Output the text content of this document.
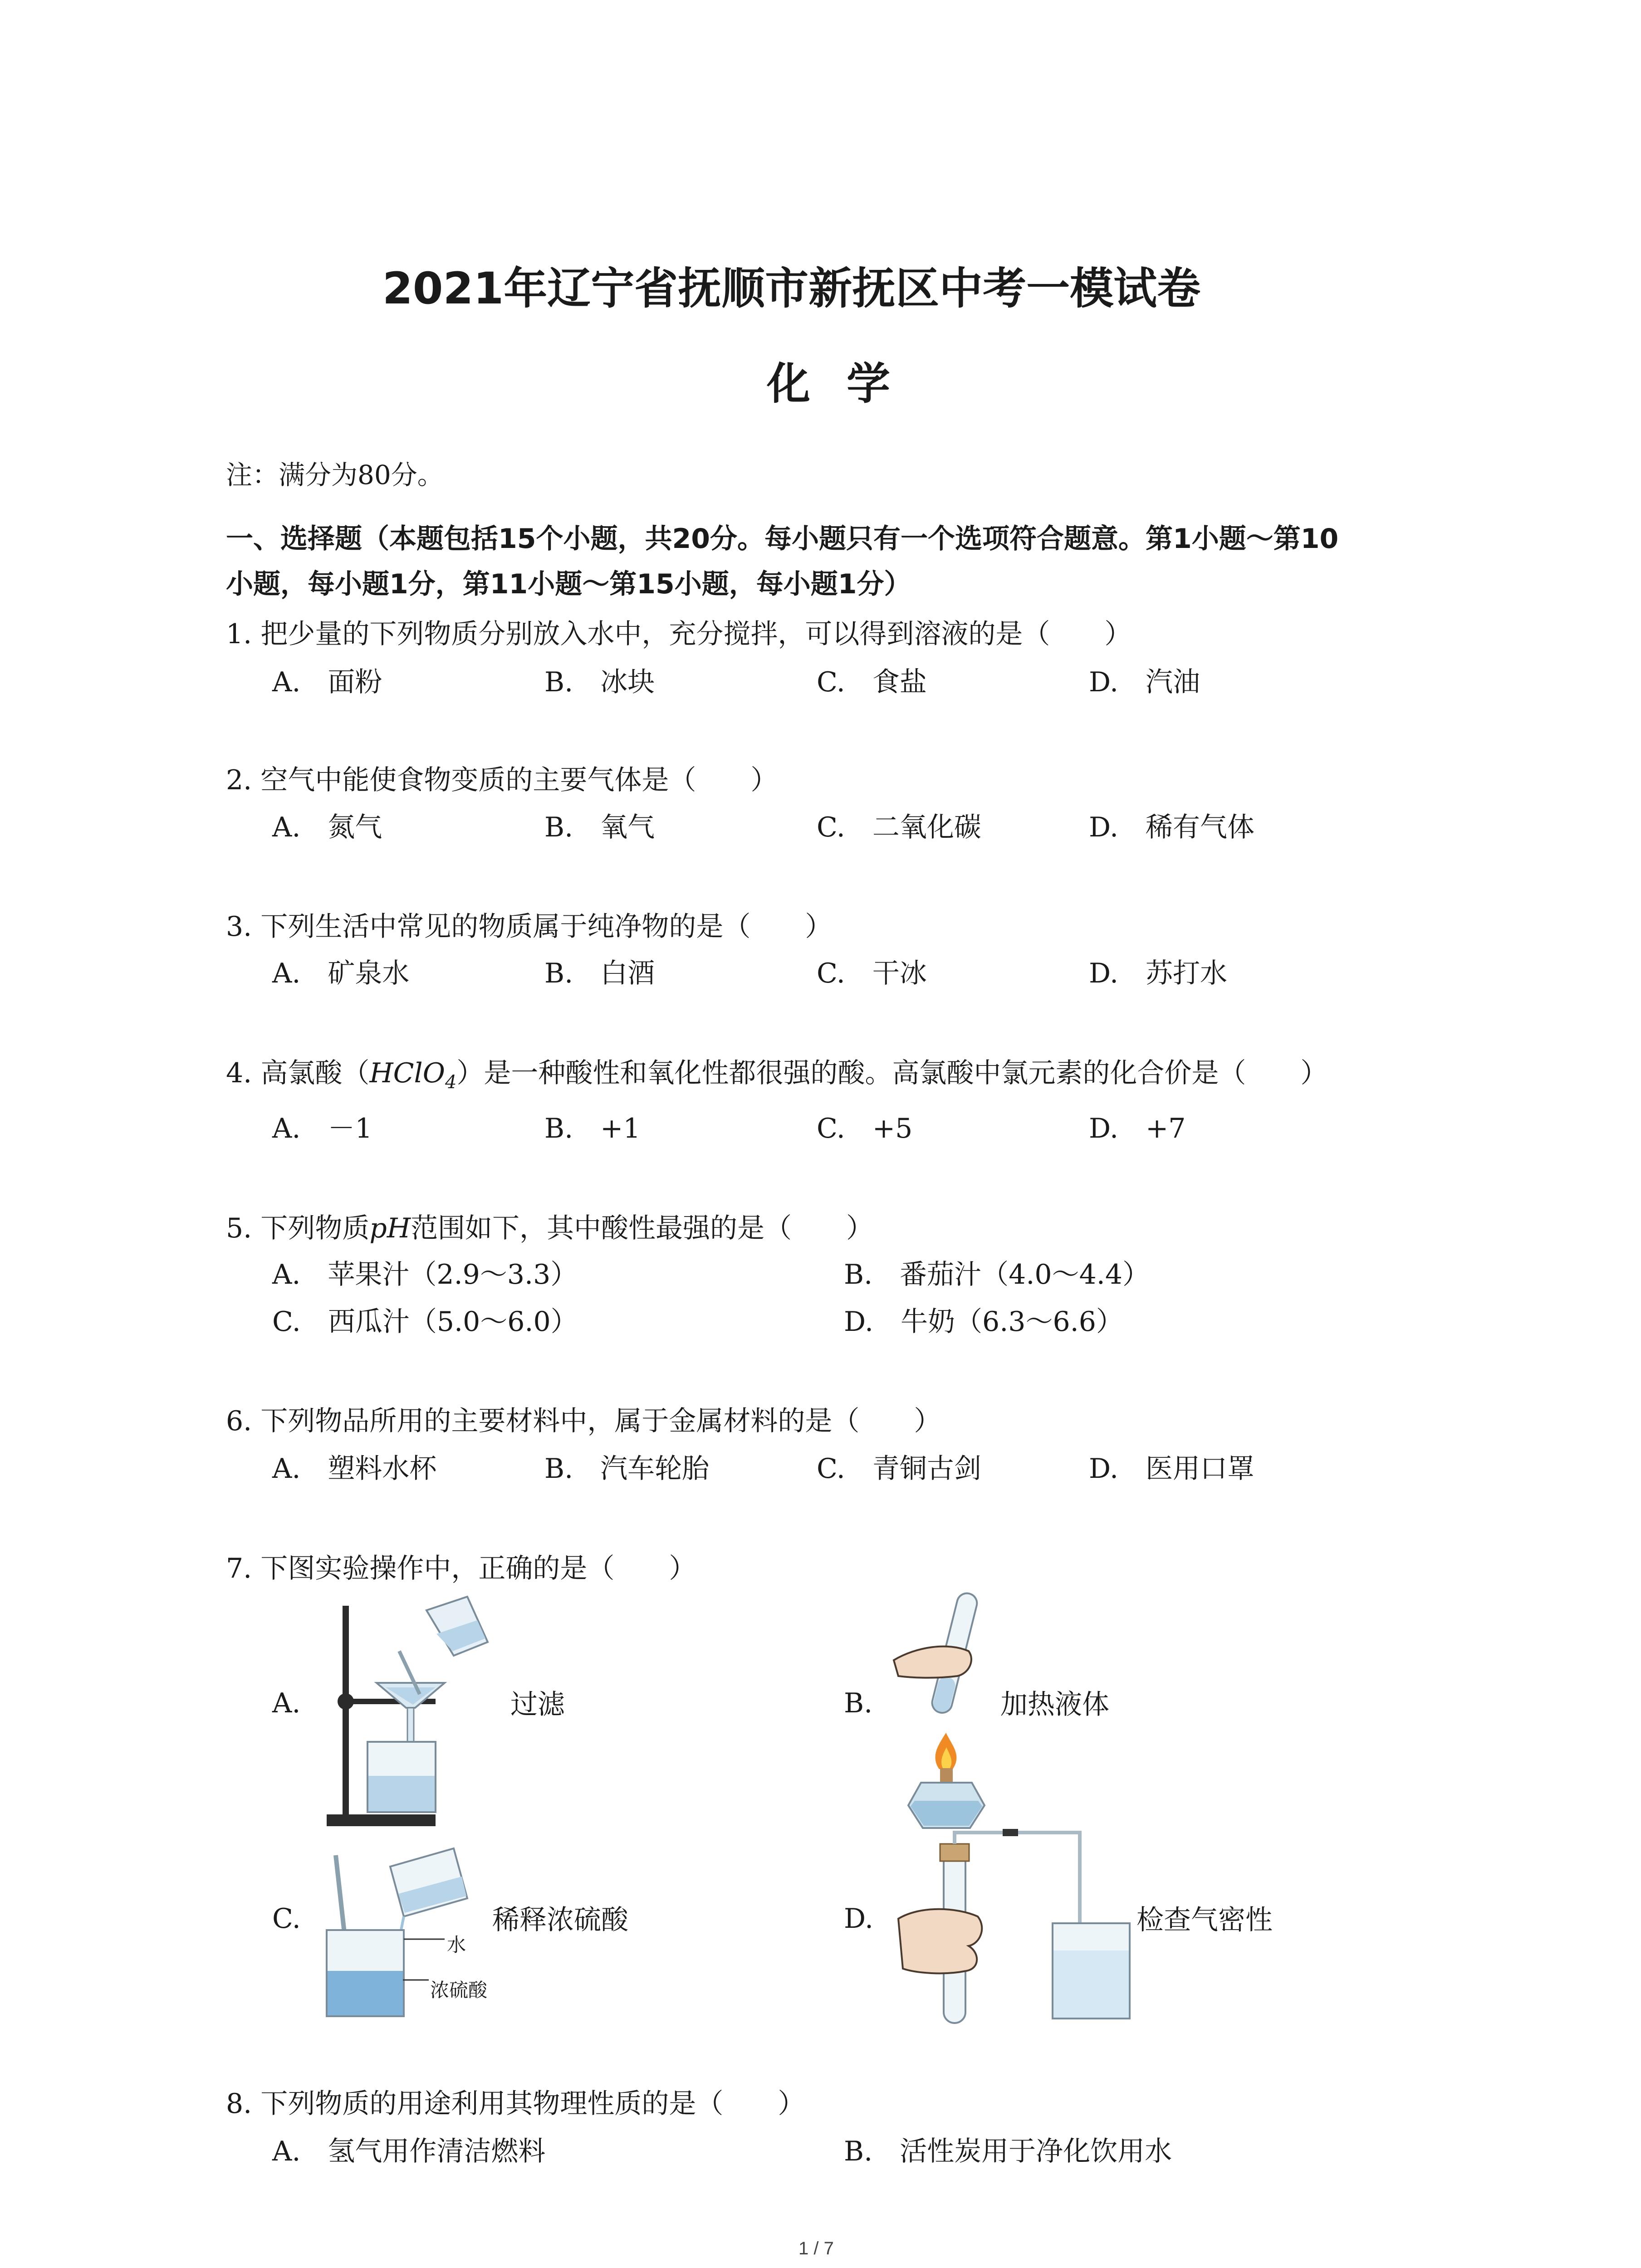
2021年辽宁省抚顺市新抚区中考一模试卷
化学
注：满分为80分。
一、选择题（本题包括15个小题，共20分。每小题只有一个选项符合题意。第1小题～第10
小题，每小题1分，第11小题～第15小题，每小题1分）
1. 把少量的下列物质分别放入水中，充分搅拌，可以得到溶液的是（　　）
A.　面粉	B.　冰块	C.　食盐	D.　汽油
2. 空气中能使食物变质的主要气体是（　　）
A.　氮气	B.　氧气	C.　二氧化碳	D.　稀有气体
3. 下列生活中常见的物质属于纯净物的是（　　）
A.　矿泉水	B.　白酒	C.　干冰	D.　苏打水
4. 高氯酸（HClO$_4$）是一种酸性和氧化性都很强的酸。高氯酸中氯元素的化合价是（　　）
A.　－1	B.　+1	C.　+5	D.　+7
5. 下列物质pH范围如下，其中酸性最强的是（　　）
A.　苹果汁（2.9～3.3）	B.　番茄汁（4.0～4.4）
C.　西瓜汁（5.0～6.0）	D.　牛奶（6.3～6.6）
6. 下列物品所用的主要材料中，属于金属材料的是（　　）
A.　塑料水杯	B.　汽车轮胎	C.　青铜古剑	D.　医用口罩
7. 下图实验操作中，正确的是（　　）
A.	过滤	B.	加热液体
C.	稀释浓硫酸
水
浓硫酸
D.	检查气密性
8. 下列物质的用途利用其物理性质的是（　　）
A.　氢气用作清洁燃料	B.　活性炭用于净化饮用水
1 / 7
